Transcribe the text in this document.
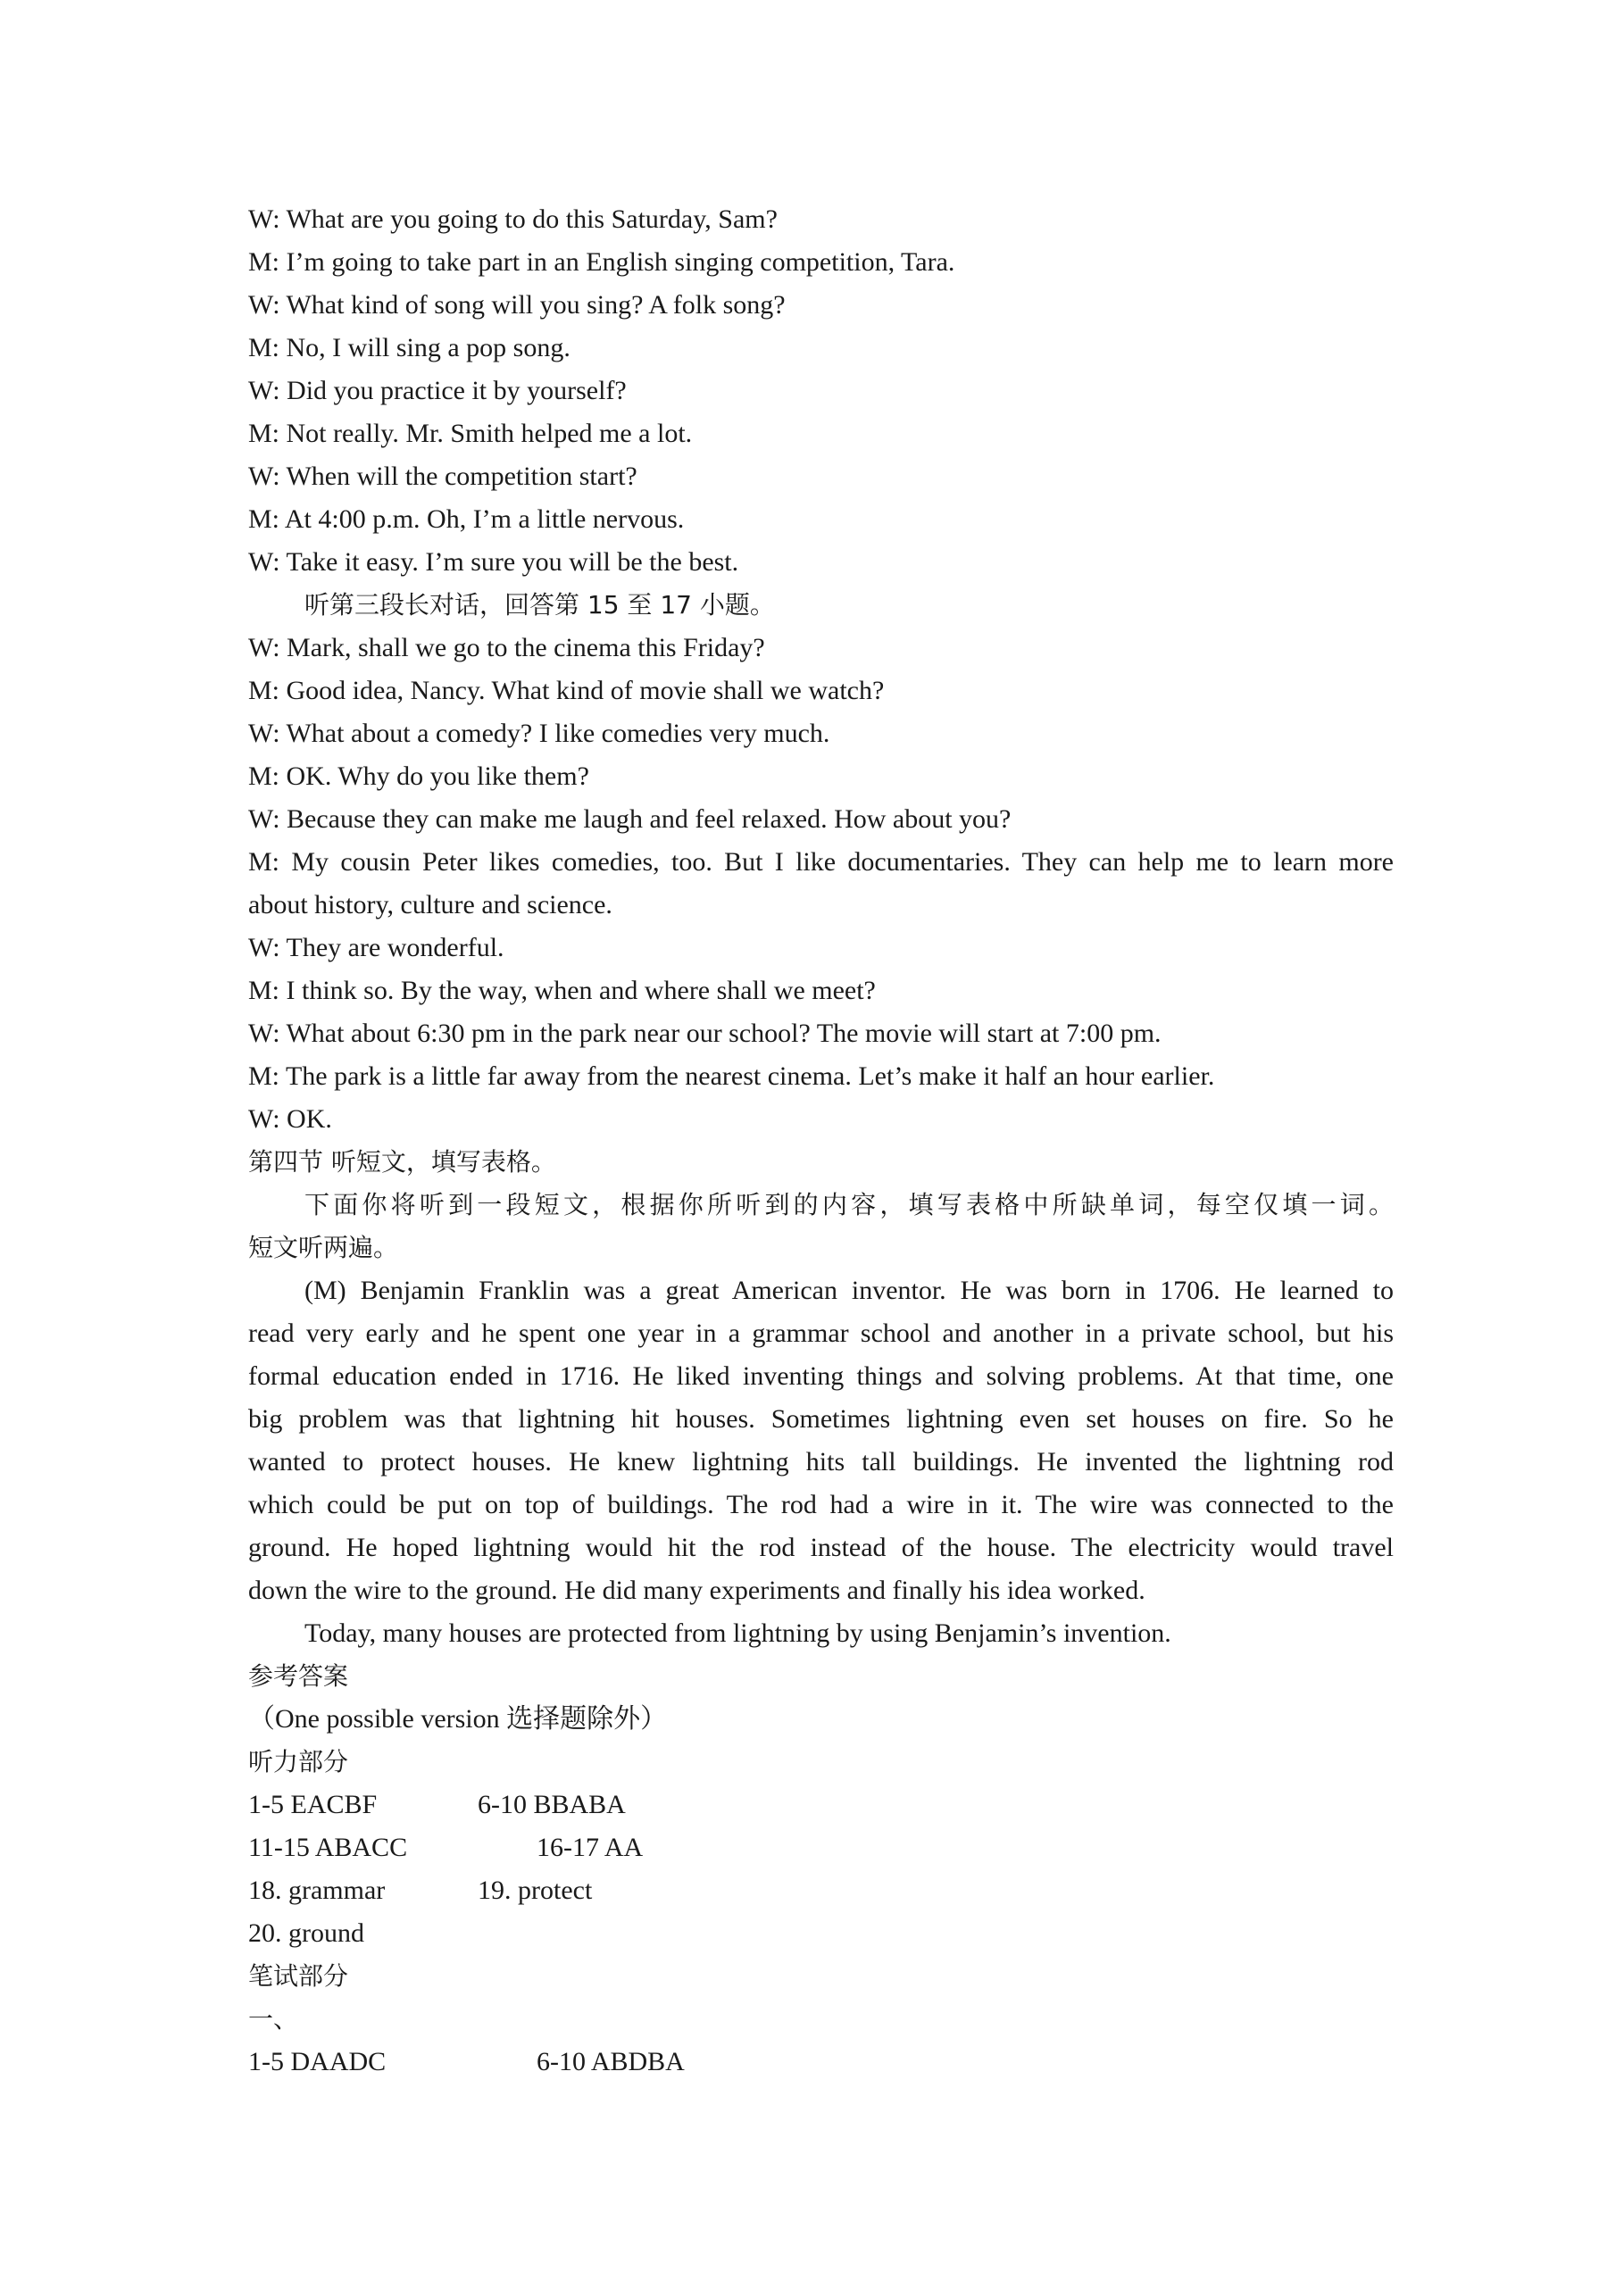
W: What are you going to do this Saturday, Sam?
M: I’m going to take part in an English singing competition, Tara.
W: What kind of song will you sing? A folk song?
M: No, I will sing a pop song.
W: Did you practice it by yourself?
M: Not really. Mr. Smith helped me a lot.
W: When will the competition start?
M: At 4:00 p.m. Oh, I’m a little nervous.
W: Take it easy. I’m sure you will be the best.
听第三段长对话，回答第 15 至 17 小题。
W: Mark, shall we go to the cinema this Friday?
M: Good idea, Nancy. What kind of movie shall we watch?
W: What about a comedy? I like comedies very much.
M: OK. Why do you like them?
W: Because they can make me laugh and feel relaxed. How about you?
M: My cousin Peter likes comedies, too. But I like documentaries. They can help me to learn more
about history, culture and science.
W: They are wonderful.
M: I think so. By the way, when and where shall we meet?
W: What about 6:30 pm in the park near our school? The movie will start at 7:00 pm.
M: The park is a little far away from the nearest cinema. Let’s make it half an hour earlier.
W: OK.
第四节 听短文，填写表格。
下面你将听到一段短文，根据你所听到的内容，填写表格中所缺单词，每空仅填一词。
短文听两遍。
(M) Benjamin Franklin was a great American inventor. He was born in 1706. He learned to
read very early and he spent one year in a grammar school and another in a private school, but his
formal education ended in 1716. He liked inventing things and solving problems. At that time, one
big problem was that lightning hit houses. Sometimes lightning even set houses on fire. So he
wanted to protect houses. He knew lightning hits tall buildings. He invented the lightning rod
which could be put on top of buildings. The rod had a wire in it. The wire was connected to the
ground. He hoped lightning would hit the rod instead of the house. The electricity would travel
down the wire to the ground. He did many experiments and finally his idea worked.
Today, many houses are protected from lightning by using Benjamin’s invention.
参考答案
（One possible version 选择题除外）
听力部分
1-5 EACBF	6-10 BBABA
11-15 ABACC	16-17 AA
18. grammar	19. protect
20. ground
笔试部分
一、
1-5 DAADC	6-10 ABDBA
